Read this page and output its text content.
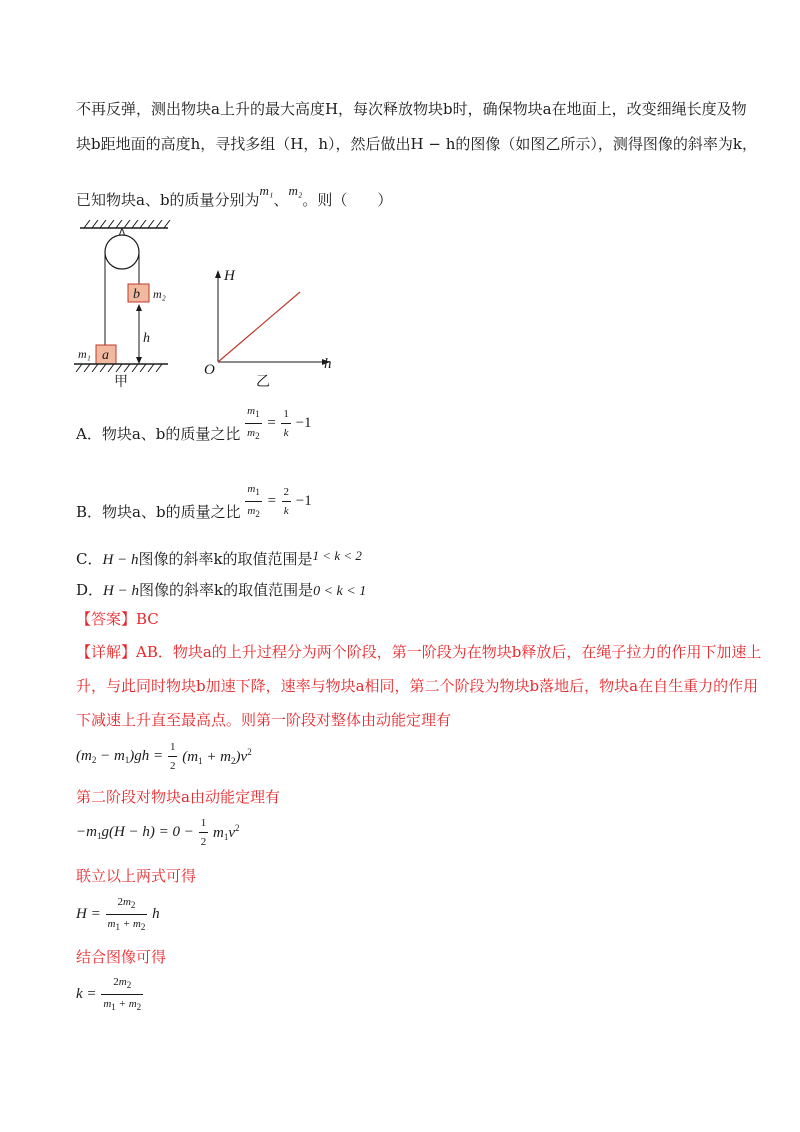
不再反弹，测出物块a上升的最大高度H，每次释放物块b时，确保物块a在地面上，改变细绳长度及物
块b距地面的高度h，寻找多组（H，h），然后做出H − h的图像（如图乙所示），测得图像的斜率为k，
已知物块a、b的质量分别为m₁、m₂。则（　　）
b m₂
h
a
m₁
甲
H
h
O
乙
A．物块a、b的质量之比 $\frac{m_1}{m_2} = \frac{1}{k} -1$
B．物块a、b的质量之比 $\frac{m_1}{m_2} = \frac{2}{k} -1$
C．H − h图像的斜率k的取值范围是1 < k < 2
D．H − h图像的斜率k的取值范围是0 < k < 1
【答案】BC
【详解】AB．物块a的上升过程分为两个阶段，第一阶段为在物块b释放后，在绳子拉力的作用下加速上
升，与此同时物块b加速下降，速率与物块a相同，第二个阶段为物块b落地后，物块a在自生重力的作用
下减速上升直至最高点。则第一阶段对整体由动能定理有
$(m_2 - m_1)gh = \frac{1}{2} (m_1 + m_2)v^2$
第二阶段对物块a由动能定理有
$-m_1g(H - h) = 0 - \frac{1}{2} m_1v^2$
联立以上两式可得
$H = \frac{2m_2}{m_1 + m_2}$ h
结合图像可得
$k = \frac{2m_2}{m_1 + m_2}$
